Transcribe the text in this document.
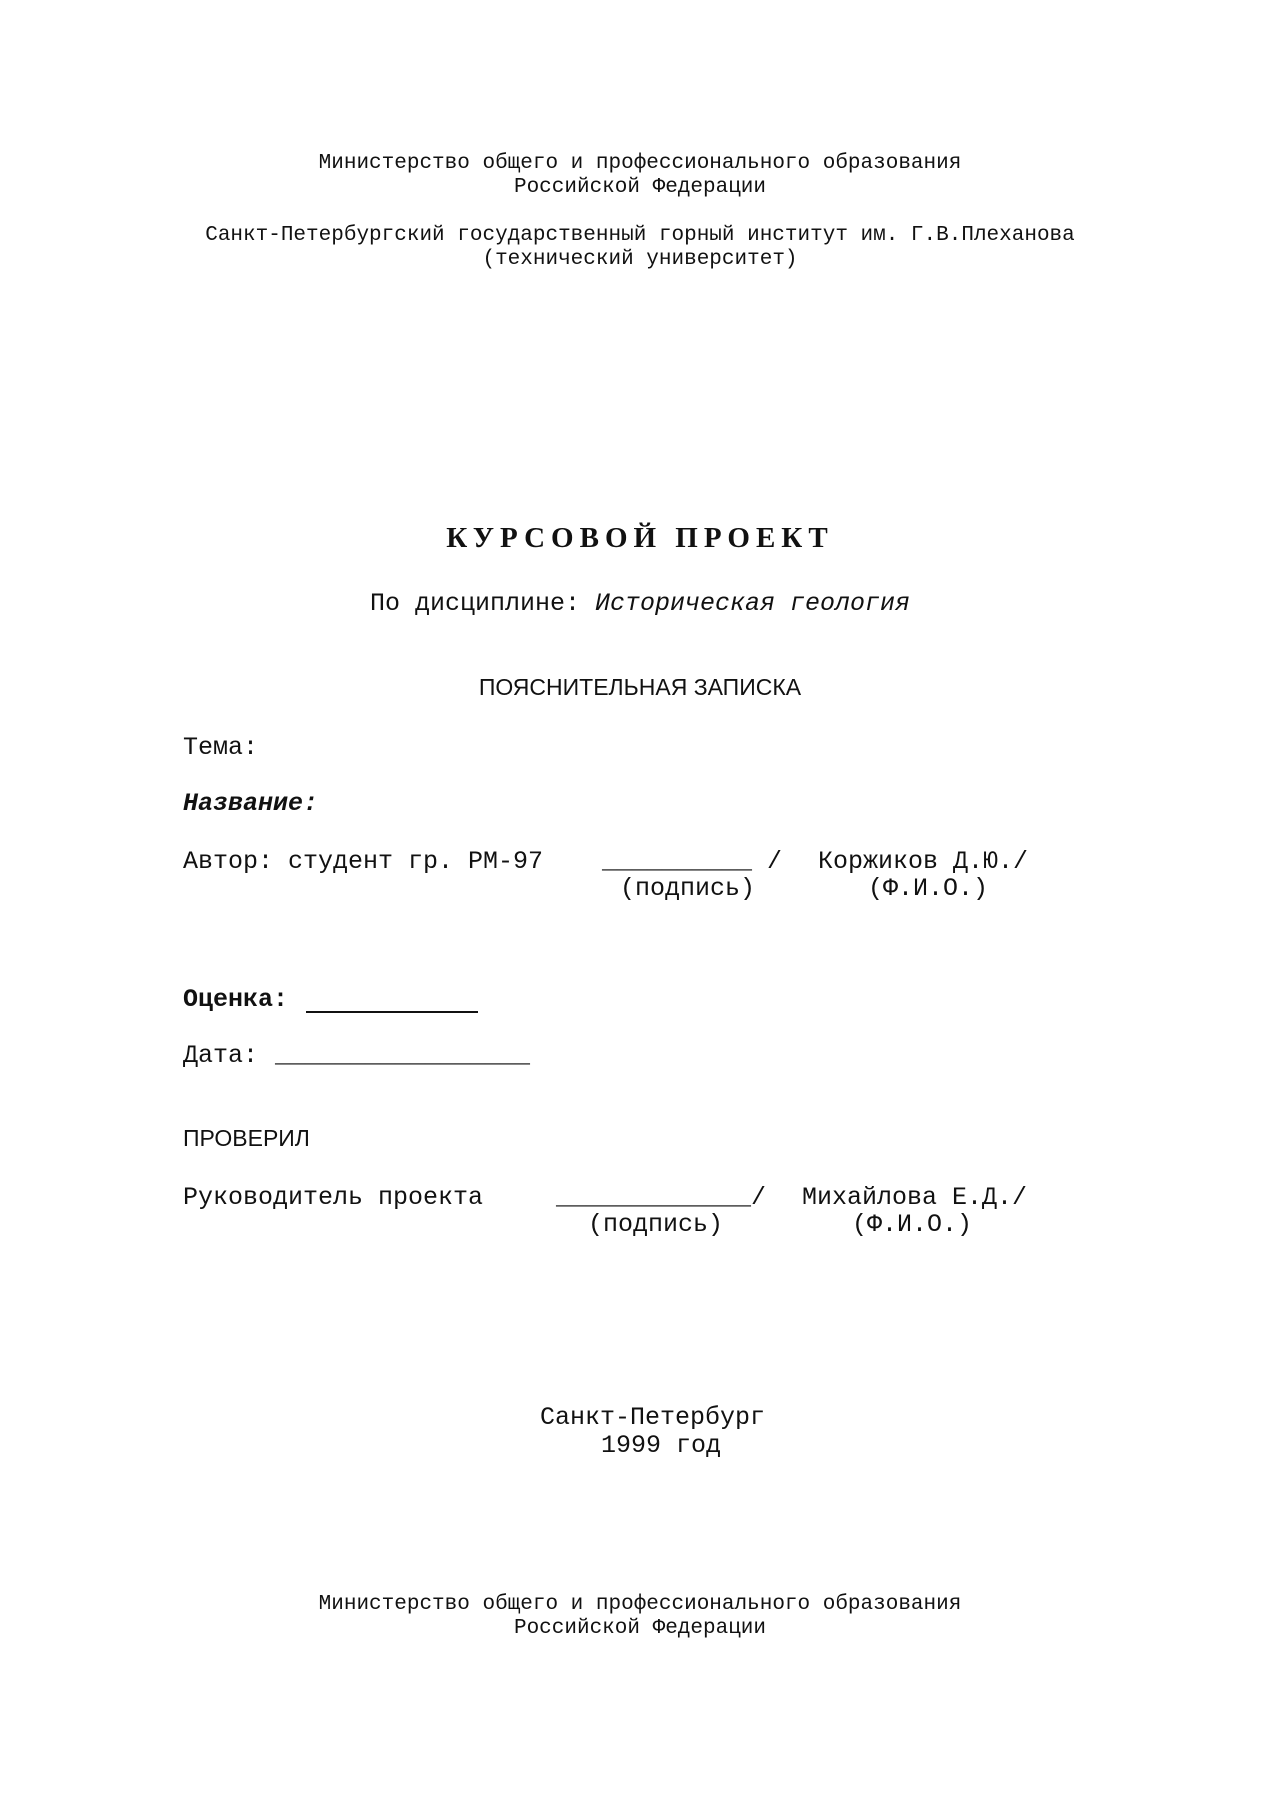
Министерство общего и профессионального образования
Российской Федерации
Санкт-Петербургский государственный горный институт им. Г.В.Плеханова
(технический университет)
КУРСОВОЙ ПРОЕКТ
По дисциплине: Историческая геология
ПОЯСНИТЕЛЬНАЯ ЗАПИСКА
Тема:
Название:
Автор: студент гр. РМ-97 __________ / Коржиков Д.Ю./
(подпись)	(Ф.И.О.)
Оценка:
Дата: _________________
ПРОВЕРИЛ
Руководитель проекта	_____________/ Михайлова Е.Д./
(подпись)	(Ф.И.О.)
Санкт-Петербург
1999 год
Министерство общего и профессионального образования
Российской Федерации
